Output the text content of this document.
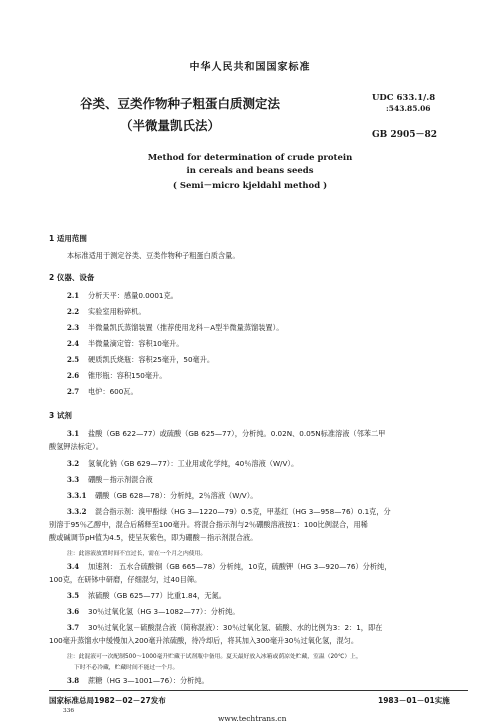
中华人民共和国国家标准
谷类、豆类作物种子粗蛋白质测定法
（半微量凯氏法）
UDC 633.1/.8
:543.85.06
GB 2905－82
Method for determination of crude protein
in cereals and beans seeds
( Semi－micro kjeldahl method )
1 适用范围
本标准适用于测定谷类、豆类作物种子粗蛋白质含量。
2 仪器、设备
2.1 分析天平：感量0.0001克。
2.2 实验室用粉碎机。
2.3 半微量凯氏蒸馏装置（推荐使用龙科－A型半微量蒸馏装置）。
2.4 半微量滴定管：容积10毫升。
2.5 硬质凯氏烧瓶：容积25毫升，50毫升。
2.6 锥形瓶：容积150毫升。
2.7 电炉：600瓦。
3 试剂
3.1 盐酸（GB 622—77）或硫酸（GB 625—77），分析纯。0.02N、0.05N标准溶液（邻苯二甲
酸氢钾法标定）。
3.2 氢氧化钠（GB 629—77）：工业用或化学纯，40％溶液（W/V）。
3.3 硼酸－指示剂混合液
3.3.1 硼酸（GB 628—78）：分析纯，2％溶液（W/V）。
3.3.2 混合指示剂：溴甲酚绿（HG 3—1220—79）0.5克，甲基红（HG 3—958—76）0.1克，分
别溶于95％乙醇中，混合后稀释至100毫升。将混合指示剂与2％硼酸溶液按1：100比例混合，用稀
酸或碱调节pH值为4.5，使呈灰紫色，即为硼酸－指示剂混合液。
注：此溶液放置时间不宜过长，需在一个月之内使用。
3.4 加速剂： 五水合硫酸铜（GB 665—78）分析纯，10克，硫酸钾（HG 3—920—76）分析纯，
100克，在研钵中研磨，仔细混匀，过40目筛。
3.5 浓硫酸（GB 625—77）比重1.84，无氮。
3.6 30％过氧化氢（HG 3—1082—77）：分析纯。
3.7 30％过氧化氢－硫酸混合液（简称混液）：30％过氧化氢、硫酸、水的比例为3：2：1，即在
100毫升蒸馏水中缓慢加入200毫升浓硫酸，待冷却后，将其加入300毫升30％过氧化氢，混匀。
注：此混液可一次配制500～1000毫升贮藏于试剂瓶中备用。夏天最好放入冰箱或荫凉处贮藏，室温（20℃）上，
下时不必冷藏，贮藏时间不能过一个月。
3.8 蔗糖（HG 3—1001—76）：分析纯。
国家标准总局1982－02－27发布	1983－01－01实施
336
www.techtrans.cn
